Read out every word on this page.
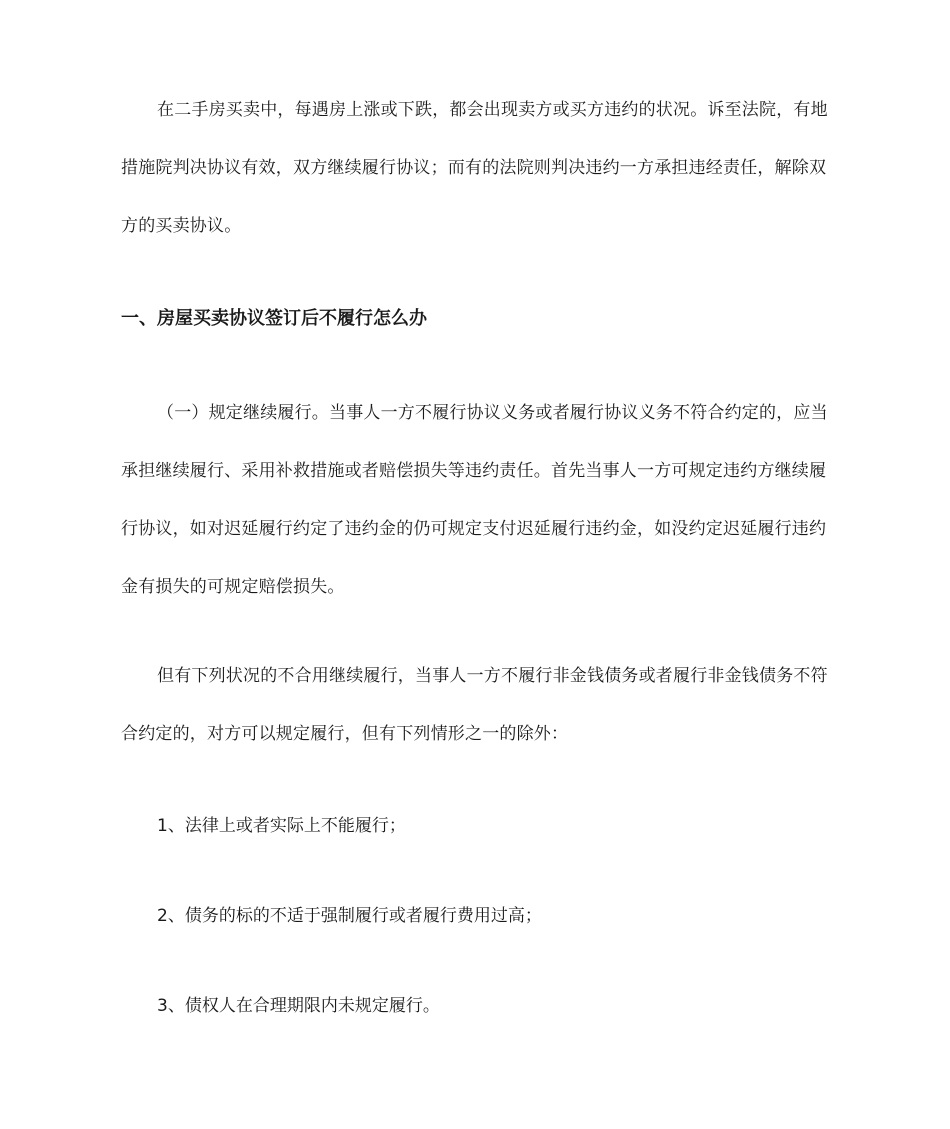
在二手房买卖中，每遇房上涨或下跌，都会出现卖方或买方违约的状况。诉至法院，有地措施院判决协议有效，双方继续履行协议；而有的法院则判决违约一方承担违经责任，解除双方的买卖协议。

一、房屋买卖协议签订后不履行怎么办

（一）规定继续履行。当事人一方不履行协议义务或者履行协议义务不符合约定的，应当承担继续履行、采用补救措施或者赔偿损失等违约责任。首先当事人一方可规定违约方继续履行协议，如对迟延履行约定了违约金的仍可规定支付迟延履行违约金，如没约定迟延履行违约金有损失的可规定赔偿损失。

但有下列状况的不合用继续履行，当事人一方不履行非金钱债务或者履行非金钱债务不符合约定的，对方可以规定履行，但有下列情形之一的除外：

1、法律上或者实际上不能履行；

2、债务的标的不适于强制履行或者履行费用过高；

3、债权人在合理期限内未规定履行。
